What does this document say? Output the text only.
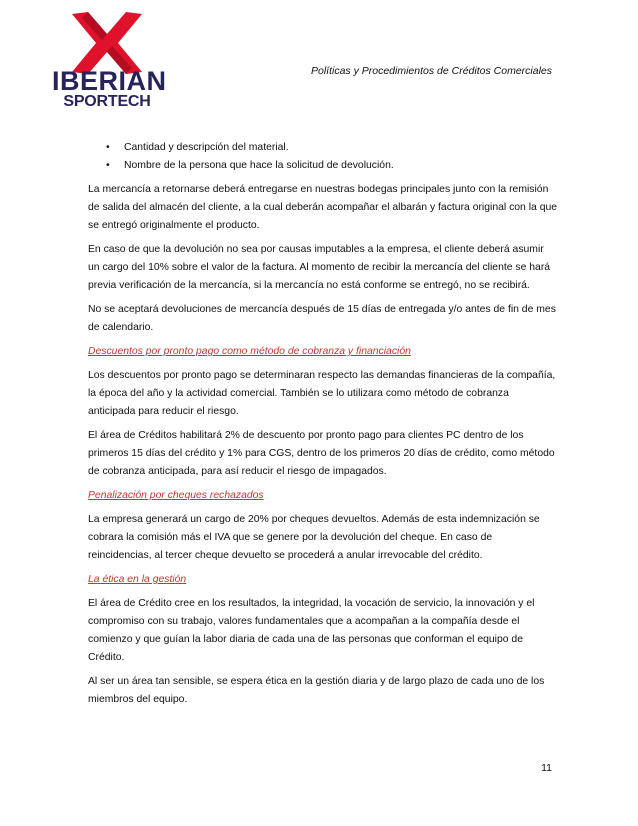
IBERIAN
SPORTECH
Políticas y Procedimientos de Créditos Comerciales
• Cantidad y descripción del material.
• Nombre de la persona que hace la solicitud de devolución.

La mercancía a retornarse deberá entregarse en nuestras bodegas principales junto con la remisión de salida del almacén del cliente, a la cual deberán acompañar el albarán y factura original con la que se entregó originalmente el producto.

En caso de que la devolución no sea por causas imputables a la empresa, el cliente deberá asumir un cargo del 10% sobre el valor de la factura. Al momento de recibir la mercancía del cliente se hará previa verificación de la mercancía, si la mercancía no está conforme se entregó, no se recibirá.

No se aceptará devoluciones de mercancía después de 15 días de entregada y/o antes de fin de mes de calendario.

Descuentos por pronto pago como método de cobranza y financiación

Los descuentos por pronto pago se determinaran respecto las demandas financieras de la compañía, la época del año y la actividad comercial. También se lo utilizara como método de cobranza anticipada para reducir el riesgo.

El área de Créditos habilitará 2% de descuento por pronto pago para clientes PC dentro de los primeros 15 días del crédito y 1% para CGS, dentro de los primeros 20 días de crédito, como método de cobranza anticipada, para así reducir el riesgo de impagados.

Penalización por cheques rechazados

La empresa generará un cargo de 20% por cheques devueltos. Además de esta indemnización se cobrara la comisión más el IVA que se genere por la devolución del cheque. En caso de reincidencias, al tercer cheque devuelto se procederá a anular irrevocable del crédito.

La ética en la gestión

El área de Crédito cree en los resultados, la integridad, la vocación de servicio, la innovación y el compromiso con su trabajo, valores fundamentales que a acompañan a la compañía desde el comienzo y que guían la labor diaria de cada una de las personas que conforman el equipo de Crédito.

Al ser un área tan sensible, se espera ética en la gestión diaria y de largo plazo de cada uno de los miembros del equipo.

11
